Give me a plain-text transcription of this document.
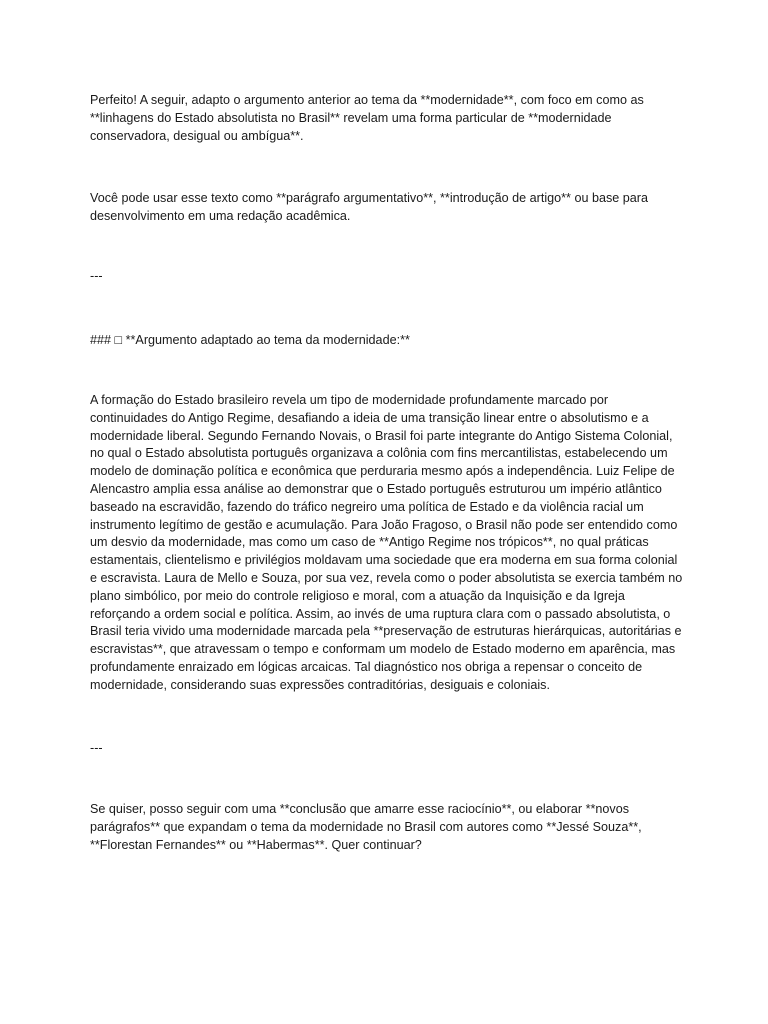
Perfeito! A seguir, adapto o argumento anterior ao tema da **modernidade**, com foco em como as **linhagens do Estado absolutista no Brasil** revelam uma forma particular de **modernidade conservadora, desigual ou ambígua**.

Você pode usar esse texto como **parágrafo argumentativo**, **introdução de artigo** ou base para desenvolvimento em uma redação acadêmica.

---

### □ **Argumento adaptado ao tema da modernidade:**

A formação do Estado brasileiro revela um tipo de modernidade profundamente marcado por continuidades do Antigo Regime, desafiando a ideia de uma transição linear entre o absolutismo e a modernidade liberal. Segundo Fernando Novais, o Brasil foi parte integrante do Antigo Sistema Colonial, no qual o Estado absolutista português organizava a colônia com fins mercantilistas, estabelecendo um modelo de dominação política e econômica que perduraria mesmo após a independência. Luiz Felipe de Alencastro amplia essa análise ao demonstrar que o Estado português estruturou um império atlântico baseado na escravidão, fazendo do tráfico negreiro uma política de Estado e da violência racial um instrumento legítimo de gestão e acumulação. Para João Fragoso, o Brasil não pode ser entendido como um desvio da modernidade, mas como um caso de **Antigo Regime nos trópicos**, no qual práticas estamentais, clientelismo e privilégios moldavam uma sociedade que era moderna em sua forma colonial e escravista. Laura de Mello e Souza, por sua vez, revela como o poder absolutista se exercia também no plano simbólico, por meio do controle religioso e moral, com a atuação da Inquisição e da Igreja reforçando a ordem social e política. Assim, ao invés de uma ruptura clara com o passado absolutista, o Brasil teria vivido uma modernidade marcada pela **preservação de estruturas hierárquicas, autoritárias e escravistas**, que atravessam o tempo e conformam um modelo de Estado moderno em aparência, mas profundamente enraizado em lógicas arcaicas. Tal diagnóstico nos obriga a repensar o conceito de modernidade, considerando suas expressões contraditórias, desiguais e coloniais.

---

Se quiser, posso seguir com uma **conclusão que amarre esse raciocínio**, ou elaborar **novos parágrafos** que expandam o tema da modernidade no Brasil com autores como **Jessé Souza**, **Florestan Fernandes** ou **Habermas**. Quer continuar?
